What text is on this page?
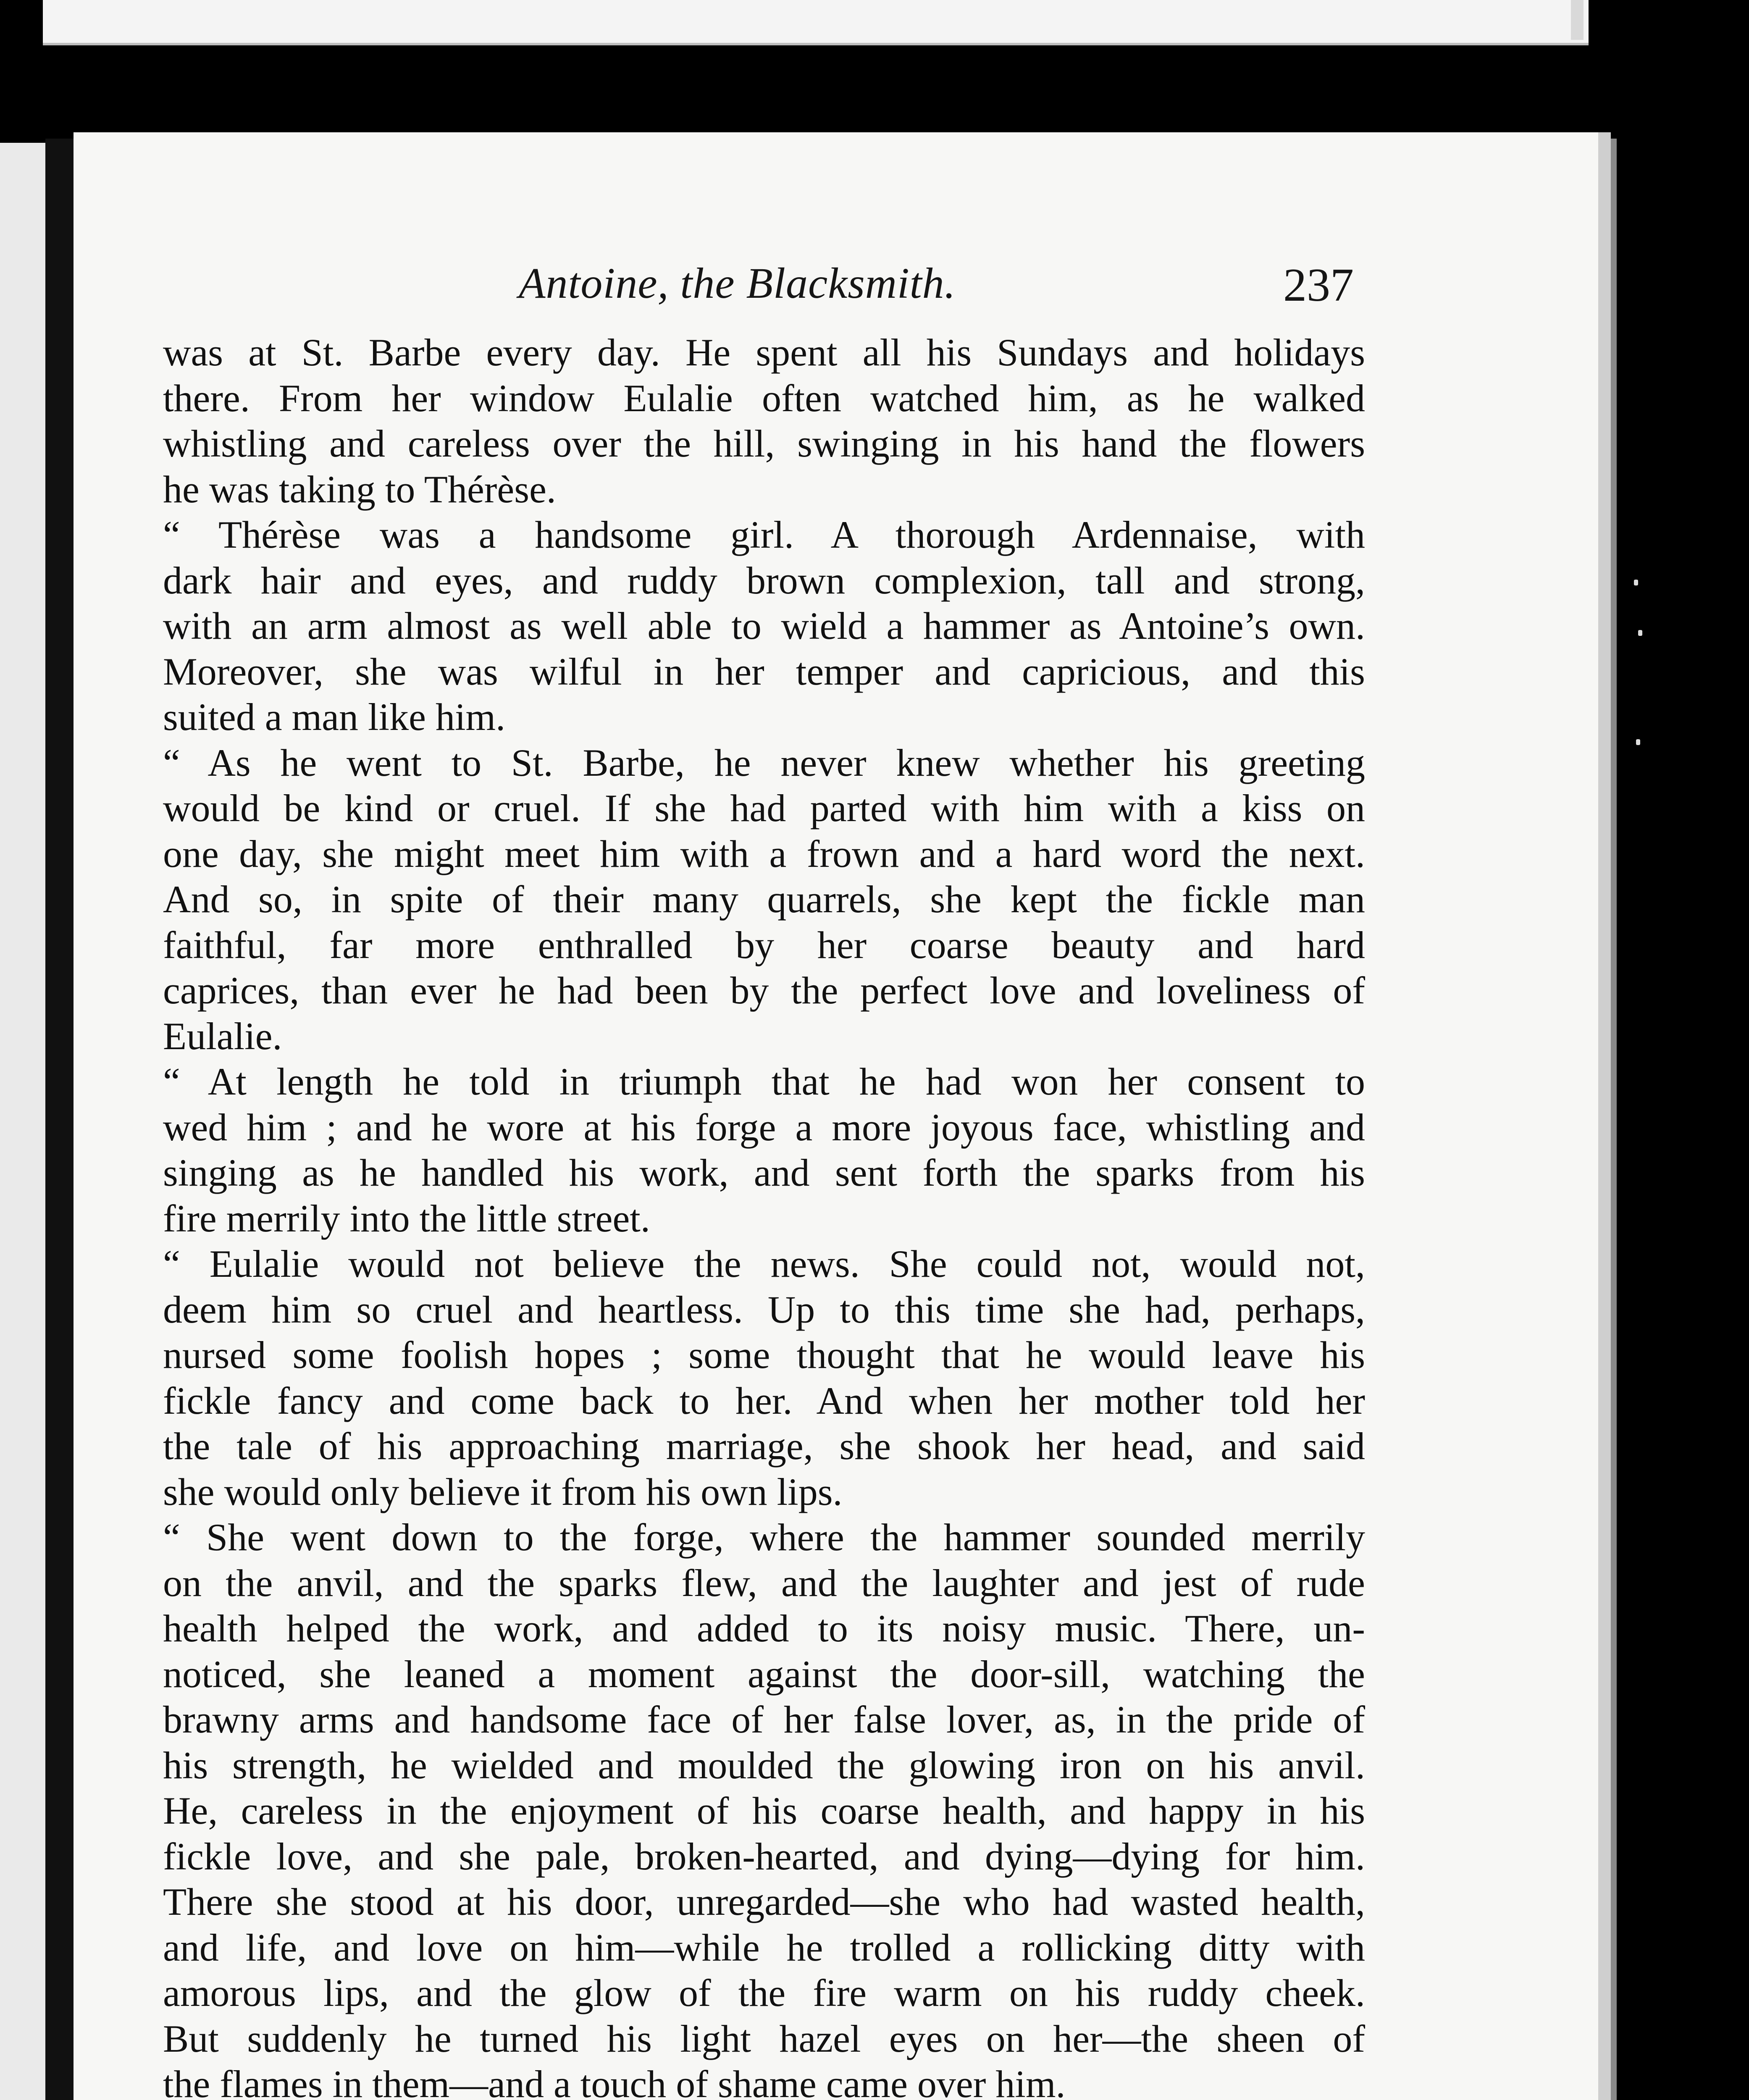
Antoine, the Blacksmith.	237
was at St. Barbe every day. He spent all his Sundays and holidays
there. From her window Eulalie often watched him, as he walked
whistling and careless over the hill, swinging in his hand the flowers
he was taking to Thérèse.
“ Thérèse was a handsome girl. A thorough Ardennaise, with
dark hair and eyes, and ruddy brown complexion, tall and strong,
with an arm almost as well able to wield a hammer as Antoine’s own.
Moreover, she was wilful in her temper and capricious, and this
suited a man like him.
“ As he went to St. Barbe, he never knew whether his greeting
would be kind or cruel. If she had parted with him with a kiss on
one day, she might meet him with a frown and a hard word the next.
And so, in spite of their many quarrels, she kept the fickle man
faithful, far more enthralled by her coarse beauty and hard
caprices, than ever he had been by the perfect love and loveliness of
Eulalie.
“ At length he told in triumph that he had won her consent to
wed him ; and he wore at his forge a more joyous face, whistling and
singing as he handled his work, and sent forth the sparks from his
fire merrily into the little street.
“ Eulalie would not believe the news. She could not, would not,
deem him so cruel and heartless. Up to this time she had, perhaps,
nursed some foolish hopes ; some thought that he would leave his
fickle fancy and come back to her. And when her mother told her
the tale of his approaching marriage, she shook her head, and said
she would only believe it from his own lips.
“ She went down to the forge, where the hammer sounded merrily
on the anvil, and the sparks flew, and the laughter and jest of rude
health helped the work, and added to its noisy music. There, un-
noticed, she leaned a moment against the door-sill, watching the
brawny arms and handsome face of her false lover, as, in the pride of
his strength, he wielded and moulded the glowing iron on his anvil.
He, careless in the enjoyment of his coarse health, and happy in his
fickle love, and she pale, broken-hearted, and dying—dying for him.
There she stood at his door, unregarded—she who had wasted health,
and life, and love on him—while he trolled a rollicking ditty with
amorous lips, and the glow of the fire warm on his ruddy cheek.
But suddenly he turned his light hazel eyes on her—the sheen of
the flames in them—and a touch of shame came over him.
